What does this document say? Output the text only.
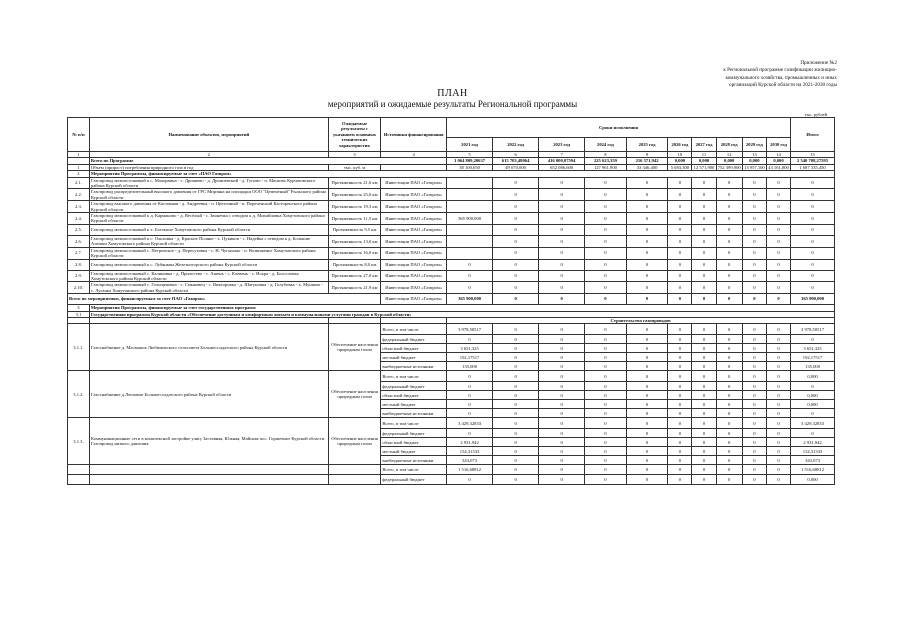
Приложение №2
к Региональной программе газификации жилищно-
коммунального хозяйства, промышленных и иных
организаций Курской области на 2021-2030 годы
ПЛАН
мероприятий и ожидаемые результаты Региональной программы
тыс. рублей
№ п/п	Наименование объектов, мероприятий	Ожидаемые результаты с указанием основных технических характеристик	Источники финансирования	Сроки исполнения										Итого
				2021 год	2022 год	2023 год	2024 год	2025 год	2026 год	2027 год	2028 год	2029 год	2030 год	
1	2	3	4	5	6	7	8	9	10	11	12	13	14	15
	Всего по Программе			1 064 809,20637	615 703,48064	416 000,07594	225 623,359	216 571,942	0,000	0,000	0,000	0,000	0,000	2 540 708,27595
1	Объем (прирост) потребления природного газа в год	тыс. куб. м		38 100,650	49 070,000	652 086,600	127 961,900	33 346,400	5 683,300	12 571,900	752 399,900	13 957,100	43 161,800	1 687 335,450
2	Мероприятия Программы, финансируемые за счет «ПАО Газпром»													
2.1.	Газопровод межпоселковый к с. Махорвина - с. Дроняево - д. Дрониевский - д. Гупово - п. Масково Курчатовского района Курской области	Протяженность 21,6 км	Инвестиции ПАО «Газпром»		0	0	0	0	0	0	0	0	0	0
2.2.	Газопровод распределительный высокого давления от ГРС Мирзяна на площадки ООО "Цементный" Рыльского района Курской области	Протяженность 25,0 км	Инвестиции ПАО «Газпром»		0	0	0	0	0	0	0	0	0	0
2.3.	Газопровод высокого давления от Кастенная - д. Андреевка - п. Цветочный - п. Пореченский Касторенского района Курской области	Протяженность 19,3 км	Инвестиции ПАО «Газпром»		0	0	0	0	0	0	0	0	0	0
2.4.	Газопровод межпоселковый к д. Карманово - д. Весёлый - с. Звонечка с отводом к д. Михайловка Хомутовского района Курской области	Протяженность 11,5 км	Инвестиции ПАО «Газпром»	365 900,000	0	0	0	0	0	0	0	0	0	0
2.5.	Газопровод межпоселковый к х. Богомоле Хомутовского района Курской области	Протяженность 9,5 км	Инвестиции ПАО «Газпром»		0	0	0	0	0	0	0	0	0	0
2.6.	Газопровод межпоселковый к с. Ольховка - д. Красное Поляне - х. Цукиков - с. Надейка с отводом к д. Большие Алешки Хомутовского района Курской области	Протяженность 13,0 км	Инвестиции ПАО «Газпром»		0	0	0	0	0	0	0	0	0	0
2.7.	Газопровод межпоселковый с. Петровское - д. Пересуховка - с. Н. Чупахино - п. Возвиженье Хомутовского района Курской области	Протяженность 16,0 км	Инвестиции ПАО «Газпром»		0	0	0	0	0	0	0	0	0	0
2.8.	Газопровод межпоселковый к с. Лубянкин Железногорского района Курской области	Протяженность 8,0 км	Инвестиции ПАО «Газпром»	0	0	0	0	0	0	0	0	0	0	0
2.9.	Газопровод межпоселковый с. Калиновка - д. Прилосево - с. Ашень - с. Клевень - с. Искра - д. Богословка Хомутовского района Курской области	Протяженность 27,0 км	Инвестиции ПАО «Газпром»	0	0	0	0	0	0	0	0	0	0	0
2.10.	Газопровод межпоселковый с. Голощековка - с. Смыковец - с. Викторовка - д. Шатуновка - д. Голубовка - х. Мушино - с. Луганка Хомутовского района Курской области	Протяженность 21,9 км	Инвестиции ПАО «Газпром»	0	0	0	0	0	0	0	0	0	0	0
Всего по мероприятиям, финансируемым за счет ПАО «Газпром»			Инвестиции ПАО «Газпром»	365 900,000	0	0	0	0	0	0	0	0	0	365 900,000
3	Мероприятия Программы, финансируемые за счет государственных программ													
3.1	Государственная программа Курской области «Обеспечение доступным и комфортным жильем и коммунальными услугами граждан в Курской области»													
				Строительство газопроводов										
3.1.1.	Газоснабжение д. Масвашок Любимовского сельсовета Большесолдатского района Курской области	Обеспечение населения природным газом	Всего, в том числе	3 978,50517	0	0	0	0	0	0	0	0	0	3 978,50517
			федеральный бюджет	0	0	0	0	0	0	0	0	0	0	0
			областной бюджет	3 651,325	0	0	0	0	0	0	0	0	0	3 651,325
			местный бюджет	192,17517	0	0	0	0	0	0	0	0	0	192,17517
			внебюджетные источники	135,000	0	0	0	0	0	0	0	0	0	135,000
3.1.2.	Газоснабжение д.Лешовые Большесолдатского района Курской области	Обеспечение населения природным газом	Всего, в том числе	0	0	0	0	0	0	0	0	0	0	0,000
			федеральный бюджет	0	0	0	0	0	0	0	0	0	0	0
			областной бюджет	0	0	0	0	0	0	0	0	0	0	0,000
			местный бюджет	0	0	0	0	0	0	0	0	0	0	0,000
			внебюджетные источники	0	0	0	0	0	0	0	0	0	0	0
3.1.3.	Коммуникационные сети в комплексной застройке улиц: Заставная, Южная, Майская пос. Горшечное Курской области. Газопровод низкого давления	Обеспечение населения природным газом	Всего, в том числе	3 429,32833	0	0	0	0	0	0	0	0	0	3 429,32833
			федеральный бюджет	0	0	0	0	0	0	0	0	0	0	0
			областной бюджет	2 931,942	0	0	0	0	0	0	0	0	0	2 931,942
			местный бюджет	154,31333	0	0	0	0	0	0	0	0	0	154,31333
			внебюджетные источники	343,073	0	0	0	0	0	0	0	0	0	343,073
			Всего, в том числе	1 516,68812	0	0	0	0	0	0	0	0	0	1 516,68812
			федеральный бюджет	0	0	0	0	0	0	0	0	0	0	0,000
